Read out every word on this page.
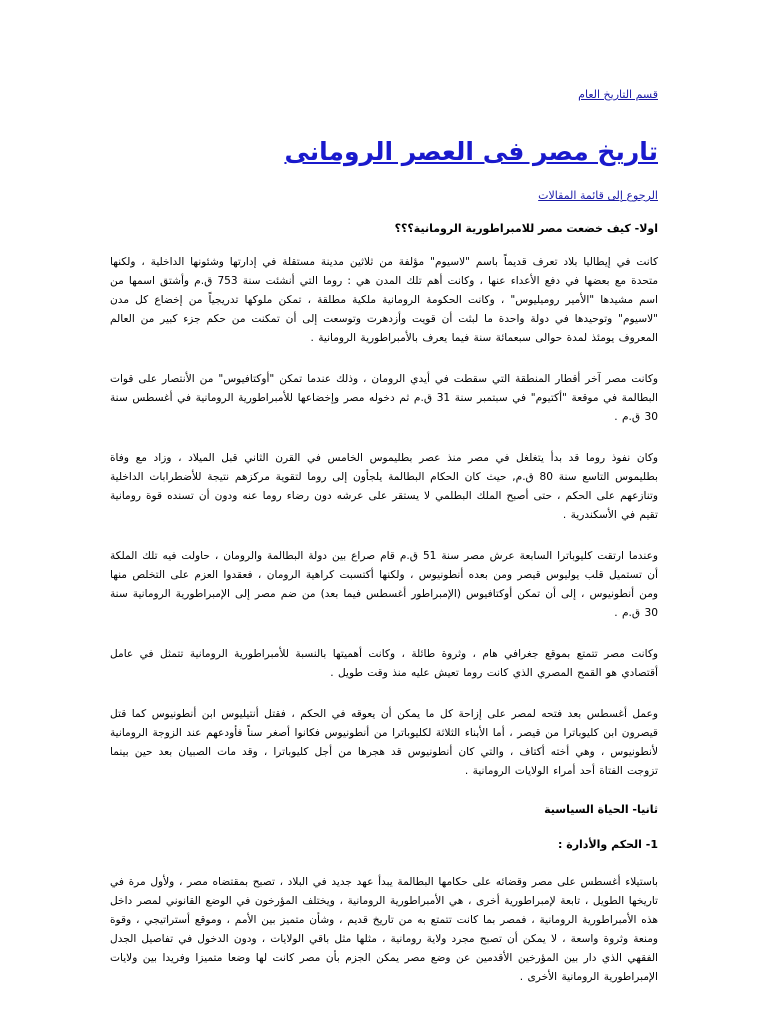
قسم التاريخ العام
تاريخ مصر فى العصر الرومانى
الرجوع إلى قائمة المقالات
اولا- كيف خضعت مصر للامبراطورية الرومانية؟؟؟

كانت في إيطاليا بلاد تعرف قديماً باسم "لاسيوم" مؤلفة من ثلاثين مدينة مستقلة في إدارتها وشئونها الداخلية ، ولكنها متحدة مع بعضها في دفع الأعداء عنها ، وكانت أهم تلك المدن هي : روما التي أنشئت سنة 753 ق.م وأشتق اسمها من اسم مشيدها "الأمير روميليوس" ، وكانت الحكومة الرومانية ملكية مطلقة ، تمكن ملوكها تدريجياً من إخضاع كل مدن "لاسيوم" وتوحيدها في دولة واحدة ما لبثت أن قويت وأزدهرت وتوسعت إلى أن تمكنت من حكم جزء كبير من العالم المعروف يومئذ لمدة حوالى سبعمائة سنة فيما يعرف بالأمبراطورية الرومانية .

وكانت مصر آخر أقطار المنطقة التي سقطت في أيدي الرومان ، وذلك عندما تمكن "أوكتافيوس" من الأنتصار على قوات البطالمة في موقعة "أكتيوم" في سبتمبر سنة 31 ق.م ثم دخوله مصر وإخضاعها للأمبراطورية الرومانية في أغسطس سنة 30 ق.م .

وكان نفوذ روما قد بدأ يتغلغل في مصر منذ عصر بطليموس الخامس في القرن الثاني قبل الميلاد ، وزاد مع وفاة بطليموس التاسع سنة 80 ق.م, حيث كان الحكام البطالمة يلجأون إلى روما لتقوية مركزهم نتيجة للأضطرابات الداخلية وتنازعهم على الحكم ، حتى أصبح الملك البطلمي لا يستقر على عرشه دون رضاء روما عنه ودون أن تسنده قوة رومانية تقيم في الأسكندرية .

وعندما ارتقت كليوباترا السابعة عرش مصر سنة 51 ق.م قام صراع بين دولة البطالمة والرومان ، حاولت فيه تلك الملكة أن تستميل قلب يوليوس قيصر ومن بعده أنطونيوس ، ولكنها أكتسبت كراهية الرومان ، فعقدوا العزم على التخلص منها ومن أنطونيوس ، إلى أن تمكن أوكتافيوس (الإمبراطور أغسطس فيما بعد) من ضم مصر إلى الإمبراطورية الرومانية سنة 30 ق.م .

وكانت مصر تتمتع بموقع جغرافي هام ، وثروة طائلة ، وكانت أهميتها بالنسبة للأمبراطورية الرومانية تتمثل في عامل أقتصادي هو القمح المصري الذي كانت روما تعيش عليه منذ وقت طويل .

وعمل أغسطس بعد فتحه لمصر على إزاحة كل ما يمكن أن يعوقه في الحكم ، فقتل أنتيليوس ابن أنطونيوس كما قتل قيصرون ابن كليوباترا من قيصر ، أما الأبناء الثلاثة لكليوباترا من أنطونيوس فكانوا أصغر سناً فأودعهم عند الزوجة الرومانية لأنطونيوس ، وهي أخته أكتاف ، والتي كان أنطونيوس قد هجرها من أجل كليوباترا ، وقد مات الصبيان بعد حين بينما تزوجت الفتاة أحد أمراء الولايات الرومانية .

ثانيا- الحياة السياسية
1- الحكم والأدارة :

باستيلاء أغسطس على مصر وقضائه على حكامها البطالمة يبدأ عهد جديد في البلاد ، تصبح بمقتضاه مصر ، ولأول مرة في تاريخها الطويل ، تابعة لإمبراطورية أخرى ، هي الأمبراطورية الرومانية ، ويختلف المؤرخون في الوضع القانوني لمصر داخل هذه الأمبراطورية الرومانية ، فمصر بما كانت تتمتع به من تاريخ قديم ، وشأن متميز بين الأمم ، وموقع أستراتيجي ، وقوة ومنعة وثروة واسعة ، لا يمكن أن تصبح مجرد ولاية رومانية ، مثلها مثل باقي الولايات ، ودون الدخول في تفاصيل الجدل الفقهي الذي دار بين المؤرخين الأقدمين عن وضع مصر يمكن الجزم بأن مصر كانت لها وضعا متميزا وفريدا بين ولايات الإمبراطورية الرومانية الأخرى .
